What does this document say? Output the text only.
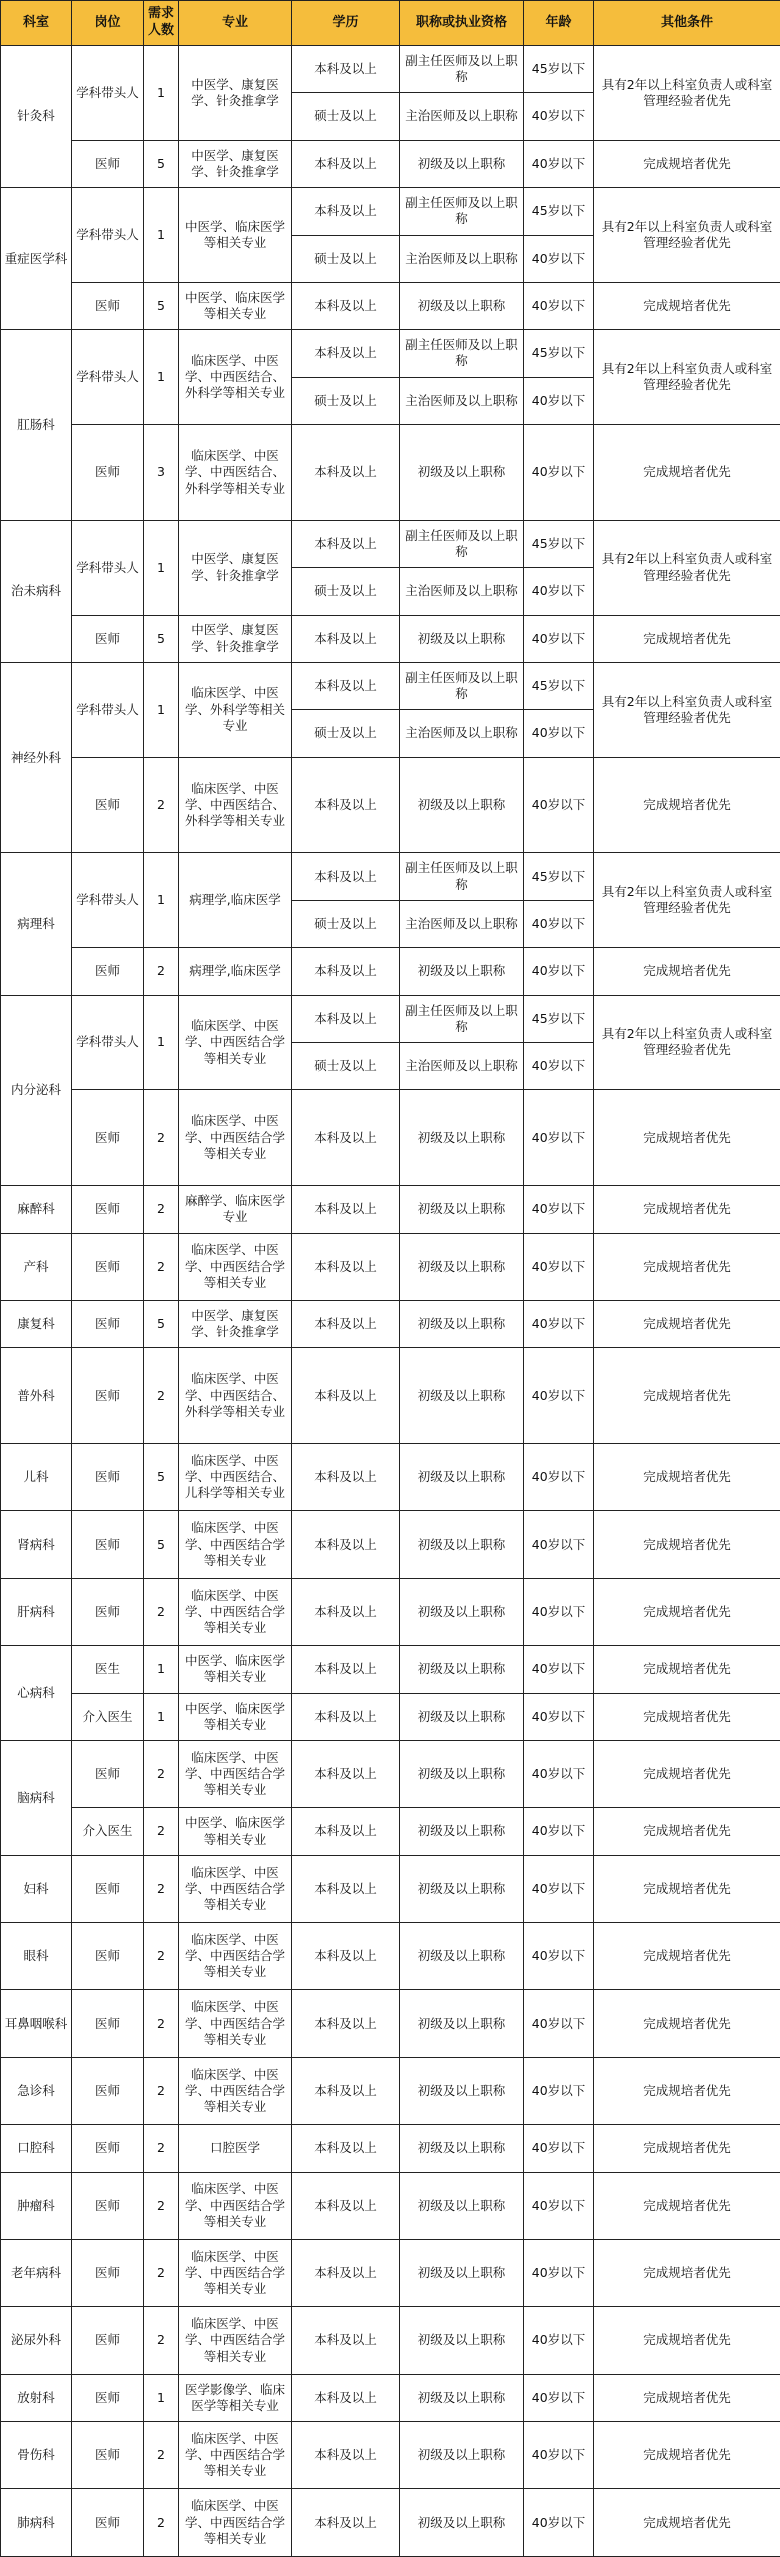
科室	岗位	需求人数	专业	学历	职称或执业资格	年龄	其他条件
针灸科	学科带头人	1	中医学、康复医学、针灸推拿学	本科及以上	副主任医师及以上职称	45岁以下	具有2年以上科室负责人或科室管理经验者优先
				硕士及以上	主治医师及以上职称	40岁以下	
	医师	5	中医学、康复医学、针灸推拿学	本科及以上	初级及以上职称	40岁以下	完成规培者优先
重症医学科	学科带头人	1	中医学、临床医学等相关专业	本科及以上	副主任医师及以上职称	45岁以下	具有2年以上科室负责人或科室管理经验者优先
				硕士及以上	主治医师及以上职称	40岁以下	
	医师	5	中医学、临床医学等相关专业	本科及以上	初级及以上职称	40岁以下	完成规培者优先
肛肠科	学科带头人	1	临床医学、中医学、中西医结合、外科学等相关专业	本科及以上	副主任医师及以上职称	45岁以下	具有2年以上科室负责人或科室管理经验者优先
				硕士及以上	主治医师及以上职称	40岁以下	
	医师	3	临床医学、中医学、中西医结合、外科学等相关专业	本科及以上	初级及以上职称	40岁以下	完成规培者优先
治未病科	学科带头人	1	中医学、康复医学、针灸推拿学	本科及以上	副主任医师及以上职称	45岁以下	具有2年以上科室负责人或科室管理经验者优先
				硕士及以上	主治医师及以上职称	40岁以下	
	医师	5	中医学、康复医学、针灸推拿学	本科及以上	初级及以上职称	40岁以下	完成规培者优先
神经外科	学科带头人	1	临床医学、中医学、外科学等相关专业	本科及以上	副主任医师及以上职称	45岁以下	具有2年以上科室负责人或科室管理经验者优先
				硕士及以上	主治医师及以上职称	40岁以下	
	医师	2	临床医学、中医学、中西医结合、外科学等相关专业	本科及以上	初级及以上职称	40岁以下	完成规培者优先
病理科	学科带头人	1	病理学,临床医学	本科及以上	副主任医师及以上职称	45岁以下	具有2年以上科室负责人或科室管理经验者优先
				硕士及以上	主治医师及以上职称	40岁以下	
	医师	2	病理学,临床医学	本科及以上	初级及以上职称	40岁以下	完成规培者优先
内分泌科	学科带头人	1	临床医学、中医学、中西医结合学等相关专业	本科及以上	副主任医师及以上职称	45岁以下	具有2年以上科室负责人或科室管理经验者优先
				硕士及以上	主治医师及以上职称	40岁以下	
	医师	2	临床医学、中医学、中西医结合学等相关专业	本科及以上	初级及以上职称	40岁以下	完成规培者优先
麻醉科	医师	2	麻醉学、临床医学专业	本科及以上	初级及以上职称	40岁以下	完成规培者优先
产科	医师	2	临床医学、中医学、中西医结合学等相关专业	本科及以上	初级及以上职称	40岁以下	完成规培者优先
康复科	医师	5	中医学、康复医学、针灸推拿学	本科及以上	初级及以上职称	40岁以下	完成规培者优先
普外科	医师	2	临床医学、中医学、中西医结合、外科学等相关专业	本科及以上	初级及以上职称	40岁以下	完成规培者优先
儿科	医师	5	临床医学、中医学、中西医结合、儿科学等相关专业	本科及以上	初级及以上职称	40岁以下	完成规培者优先
肾病科	医师	5	临床医学、中医学、中西医结合学等相关专业	本科及以上	初级及以上职称	40岁以下	完成规培者优先
肝病科	医师	2	临床医学、中医学、中西医结合学等相关专业	本科及以上	初级及以上职称	40岁以下	完成规培者优先
心病科	医生	1	中医学、临床医学等相关专业	本科及以上	初级及以上职称	40岁以下	完成规培者优先
	介入医生	1	中医学、临床医学等相关专业	本科及以上	初级及以上职称	40岁以下	完成规培者优先
脑病科	医师	2	临床医学、中医学、中西医结合学等相关专业	本科及以上	初级及以上职称	40岁以下	完成规培者优先
	介入医生	2	中医学、临床医学等相关专业	本科及以上	初级及以上职称	40岁以下	完成规培者优先
妇科	医师	2	临床医学、中医学、中西医结合学等相关专业	本科及以上	初级及以上职称	40岁以下	完成规培者优先
眼科	医师	2	临床医学、中医学、中西医结合学等相关专业	本科及以上	初级及以上职称	40岁以下	完成规培者优先
耳鼻咽喉科	医师	2	临床医学、中医学、中西医结合学等相关专业	本科及以上	初级及以上职称	40岁以下	完成规培者优先
急诊科	医师	2	临床医学、中医学、中西医结合学等相关专业	本科及以上	初级及以上职称	40岁以下	完成规培者优先
口腔科	医师	2	口腔医学	本科及以上	初级及以上职称	40岁以下	完成规培者优先
肿瘤科	医师	2	临床医学、中医学、中西医结合学等相关专业	本科及以上	初级及以上职称	40岁以下	完成规培者优先
老年病科	医师	2	临床医学、中医学、中西医结合学等相关专业	本科及以上	初级及以上职称	40岁以下	完成规培者优先
泌尿外科	医师	2	临床医学、中医学、中西医结合学等相关专业	本科及以上	初级及以上职称	40岁以下	完成规培者优先
放射科	医师	1	医学影像学、临床医学等相关专业	本科及以上	初级及以上职称	40岁以下	完成规培者优先
骨伤科	医师	2	临床医学、中医学、中西医结合学等相关专业	本科及以上	初级及以上职称	40岁以下	完成规培者优先
肺病科	医师	2	临床医学、中医学、中西医结合学等相关专业	本科及以上	初级及以上职称	40岁以下	完成规培者优先
